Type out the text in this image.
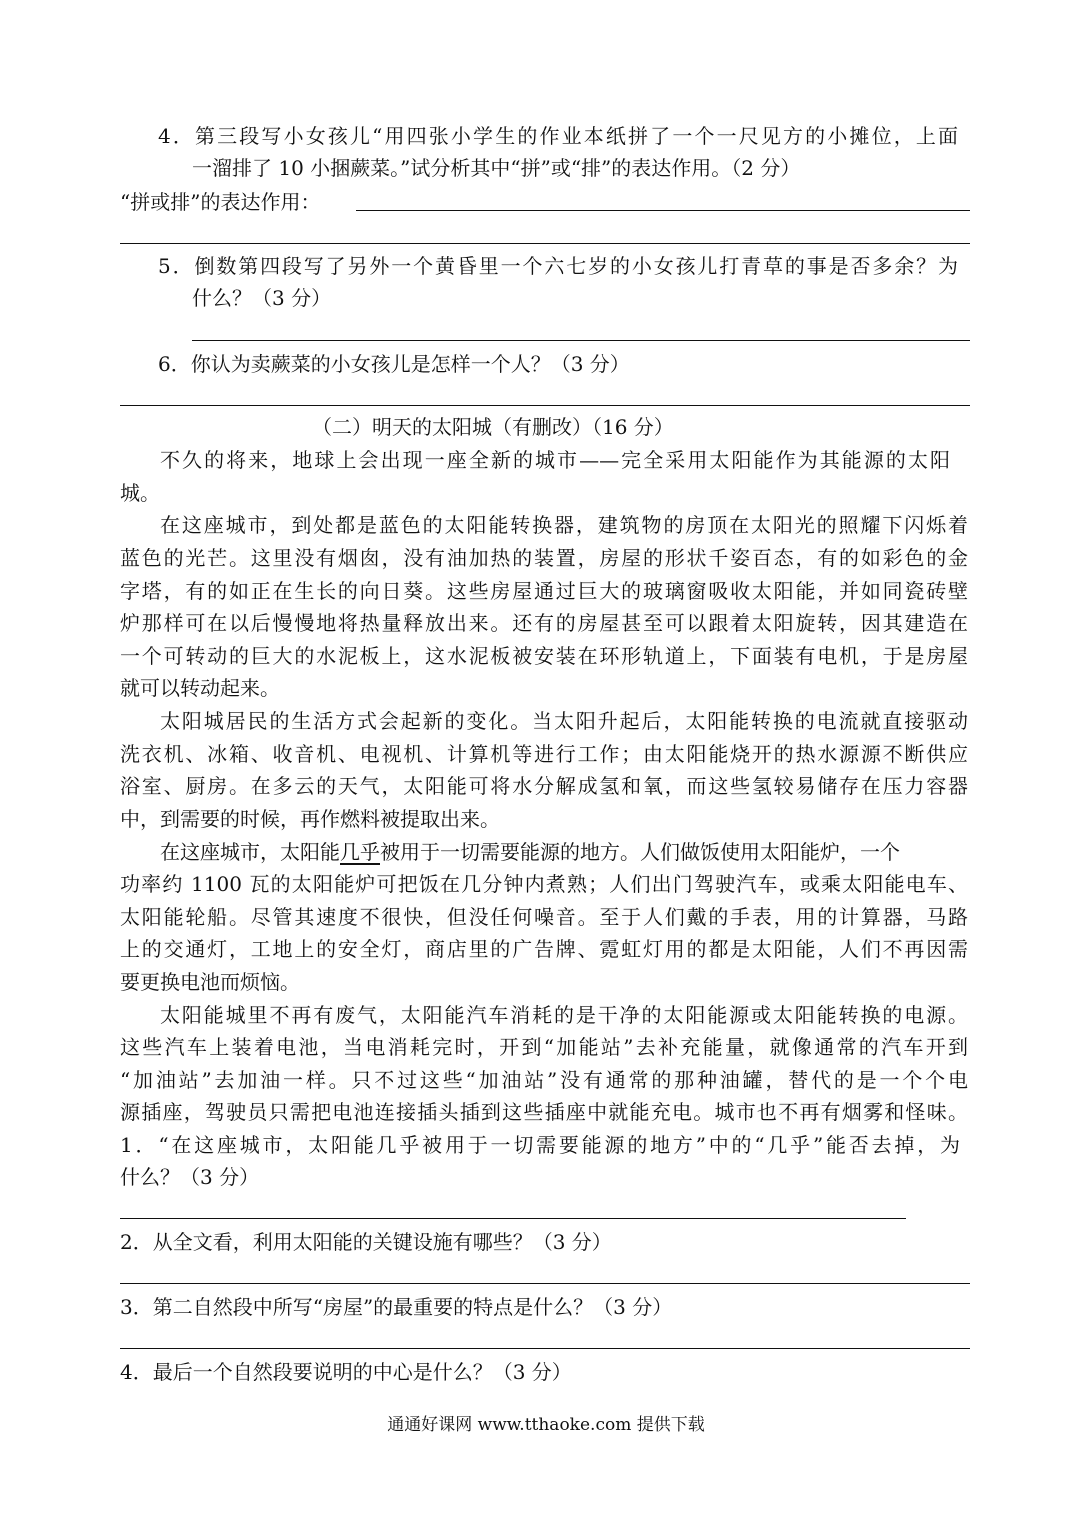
4．第三段写小女孩儿“用四张小学生的作业本纸拼了一个一尺见方的小摊位，上面
一溜排了 10 小捆蕨菜。”试分析其中“拼”或“排”的表达作用。（2 分）
“拼或排”的表达作用：
5．倒数第四段写了另外一个黄昏里一个六七岁的小女孩儿打青草的事是否多余？为
什么？（3 分）
6．你认为卖蕨菜的小女孩儿是怎样一个人？（3 分）
（二）明天的太阳城（有删改）（16 分）
不久的将来，地球上会出现一座全新的城市——完全采用太阳能作为其能源的太阳
城。
在这座城市，到处都是蓝色的太阳能转换器，建筑物的房顶在太阳光的照耀下闪烁着
蓝色的光芒。这里没有烟囱，没有油加热的装置，房屋的形状千姿百态，有的如彩色的金
字塔，有的如正在生长的向日葵。这些房屋通过巨大的玻璃窗吸收太阳能，并如同瓷砖壁
炉那样可在以后慢慢地将热量释放出来。还有的房屋甚至可以跟着太阳旋转，因其建造在
一个可转动的巨大的水泥板上，这水泥板被安装在环形轨道上，下面装有电机，于是房屋
就可以转动起来。
太阳城居民的生活方式会起新的变化。当太阳升起后，太阳能转换的电流就直接驱动
洗衣机、冰箱、收音机、电视机、计算机等进行工作；由太阳能烧开的热水源源不断供应
浴室、厨房。在多云的天气，太阳能可将水分解成氢和氧，而这些氢较易储存在压力容器
中，到需要的时候，再作燃料被提取出来。
在这座城市，太阳能几乎被用于一切需要能源的地方。人们做饭使用太阳能炉，一个
功率约 1100 瓦的太阳能炉可把饭在几分钟内煮熟；人们出门驾驶汽车，或乘太阳能电车、
太阳能轮船。尽管其速度不很快，但没任何噪音。至于人们戴的手表，用的计算器，马路
上的交通灯，工地上的安全灯，商店里的广告牌、霓虹灯用的都是太阳能，人们不再因需
要更换电池而烦恼。
太阳能城里不再有废气，太阳能汽车消耗的是干净的太阳能源或太阳能转换的电源。
这些汽车上装着电池，当电消耗完时，开到“加能站”去补充能量，就像通常的汽车开到
“加油站”去加油一样。只不过这些“加油站”没有通常的那种油罐，替代的是一个个电
源插座，驾驶员只需把电池连接插头插到这些插座中就能充电。城市也不再有烟雾和怪味。
1．“在这座城市，太阳能几乎被用于一切需要能源的地方”中的“几乎”能否去掉，为
什么？（3 分）
2．从全文看，利用太阳能的关键设施有哪些？（3 分）
3．第二自然段中所写“房屋”的最重要的特点是什么？（3 分）
4．最后一个自然段要说明的中心是什么？（3 分）
通通好课网 www.tthaoke.com 提供下载
